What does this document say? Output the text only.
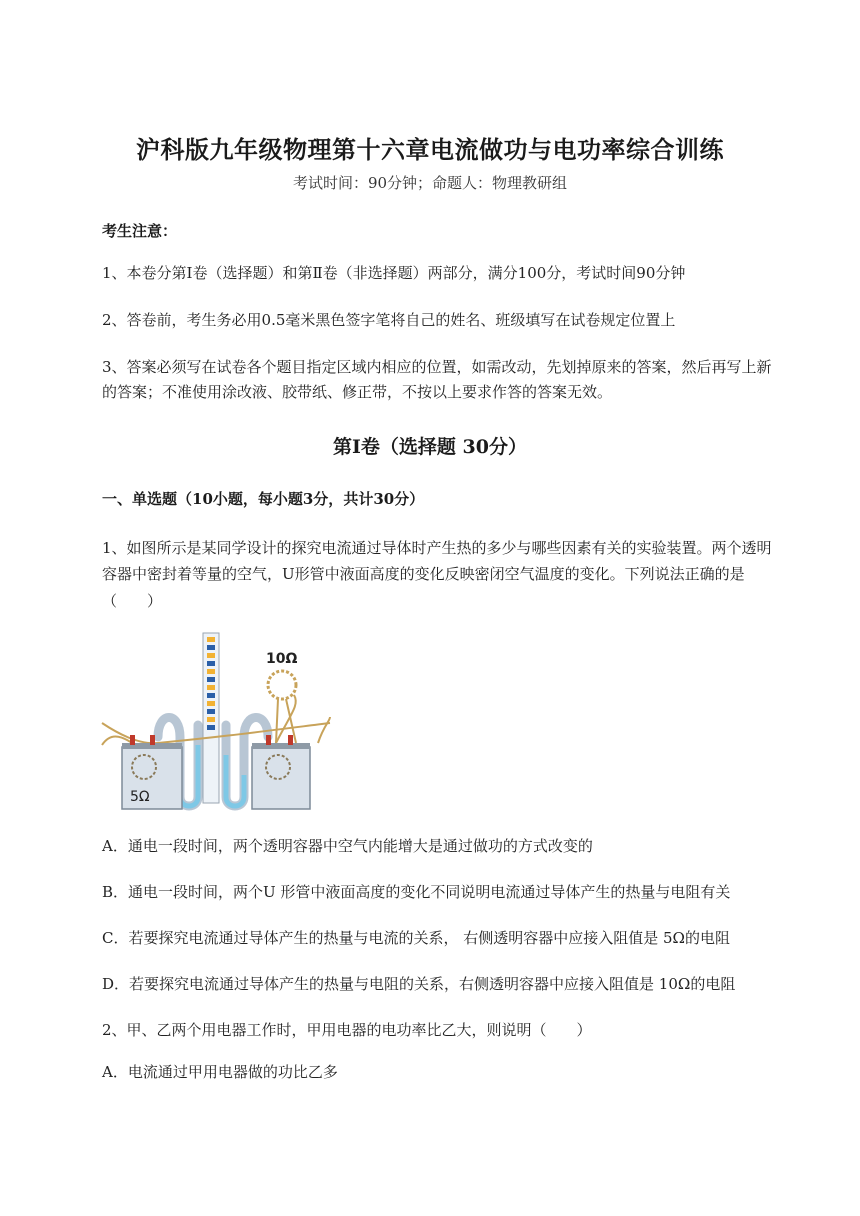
沪科版九年级物理第十六章电流做功与电功率综合训练

考试时间：90分钟；命题人：物理教研组

考生注意：

1、本卷分第Ⅰ卷（选择题）和第Ⅱ卷（非选择题）两部分，满分100分，考试时间90分钟

2、答卷前，考生务必用0.5毫米黑色签字笔将自己的姓名、班级填写在试卷规定位置上

3、答案必须写在试卷各个题目指定区域内相应的位置，如需改动，先划掉原来的答案，然后再写上新

的答案；不准使用涂改液、胶带纸、修正带，不按以上要求作答的答案无效。

第Ⅰ卷（选择题 30分）

一、单选题（10小题，每小题3分，共计30分）

1、如图所示是某同学设计的探究电流通过导体时产生热的多少与哪些因素有关的实验装置。两个透明

容器中密封着等量的空气，U形管中液面高度的变化反映密闭空气温度的变化。下列说法正确的是

（　　）

5Ω
10Ω

A．通电一段时间，两个透明容器中空气内能增大是通过做功的方式改变的

B．通电一段时间，两个U 形管中液面高度的变化不同说明电流通过导体产生的热量与电阻有关

C．若要探究电流通过导体产生的热量与电流的关系， 右侧透明容器中应接入阻值是 5Ω的电阻

D．若要探究电流通过导体产生的热量与电阻的关系，右侧透明容器中应接入阻值是 10Ω的电阻

2、甲、乙两个用电器工作时，甲用电器的电功率比乙大，则说明（　　）

A．电流通过甲用电器做的功比乙多
